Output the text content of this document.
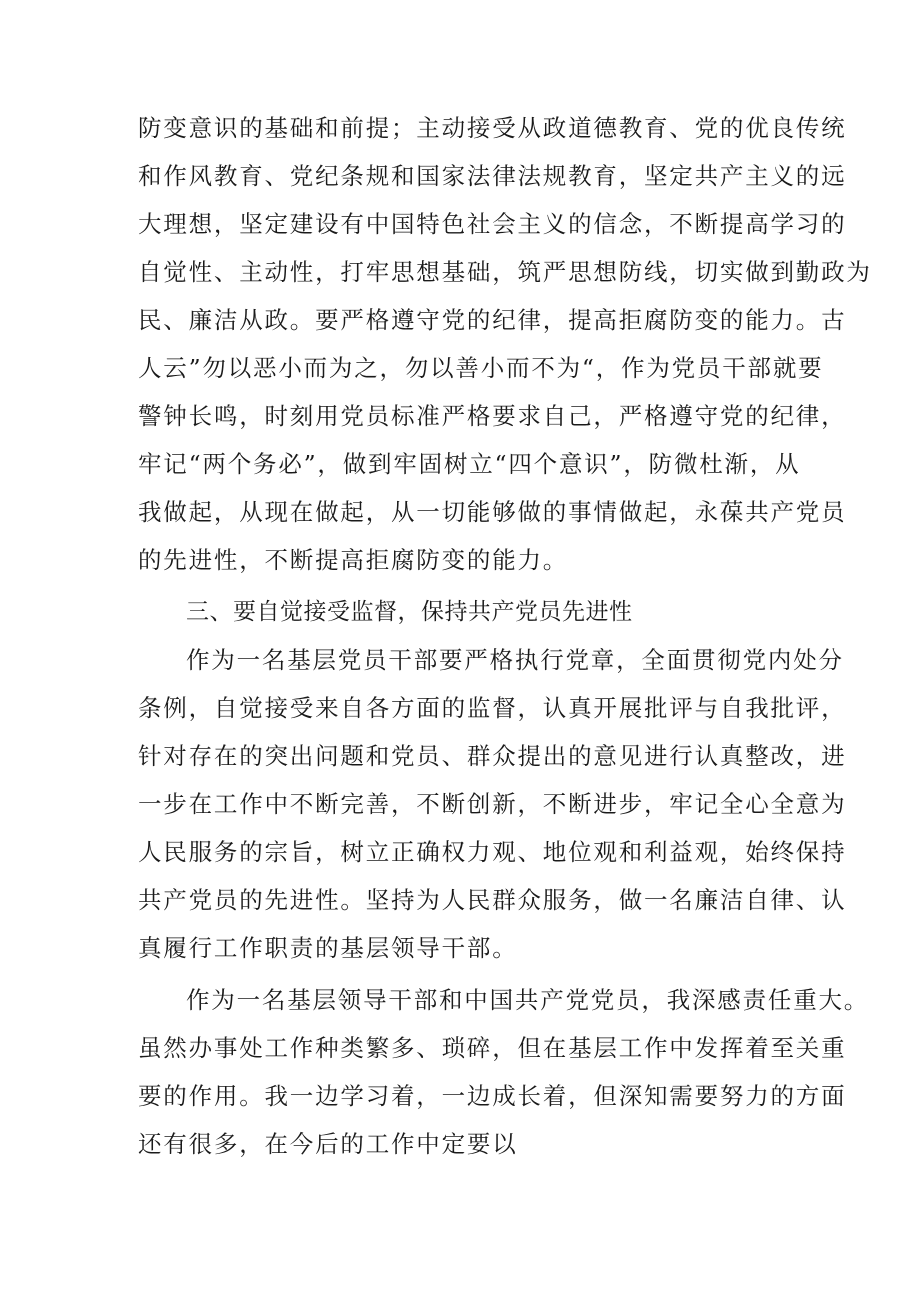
防变意识的基础和前提；主动接受从政道德教育、党的优良传统
和作风教育、党纪条规和国家法律法规教育，坚定共产主义的远
大理想，坚定建设有中国特色社会主义的信念，不断提高学习的
自觉性、主动性，打牢思想基础，筑严思想防线，切实做到勤政为
民、廉洁从政。要严格遵守党的纪律，提高拒腐防变的能力。古
人云”勿以恶小而为之，勿以善小而不为“，作为党员干部就要
警钟长鸣，时刻用党员标准严格要求自己，严格遵守党的纪律，
牢记“两个务必”，做到牢固树立“四个意识”，防微杜渐，从
我做起，从现在做起，从一切能够做的事情做起，永葆共产党员
的先进性，不断提高拒腐防变的能力。
三、要自觉接受监督，保持共产党员先进性
作为一名基层党员干部要严格执行党章，全面贯彻党内处分
条例，自觉接受来自各方面的监督，认真开展批评与自我批评，
针对存在的突出问题和党员、群众提出的意见进行认真整改，进
一步在工作中不断完善，不断创新，不断进步，牢记全心全意为
人民服务的宗旨，树立正确权力观、地位观和利益观，始终保持
共产党员的先进性。坚持为人民群众服务，做一名廉洁自律、认
真履行工作职责的基层领导干部。
作为一名基层领导干部和中国共产党党员，我深感责任重大。
虽然办事处工作种类繁多、琐碎，但在基层工作中发挥着至关重
要的作用。我一边学习着，一边成长着，但深知需要努力的方面
还有很多，在今后的工作中定要以
